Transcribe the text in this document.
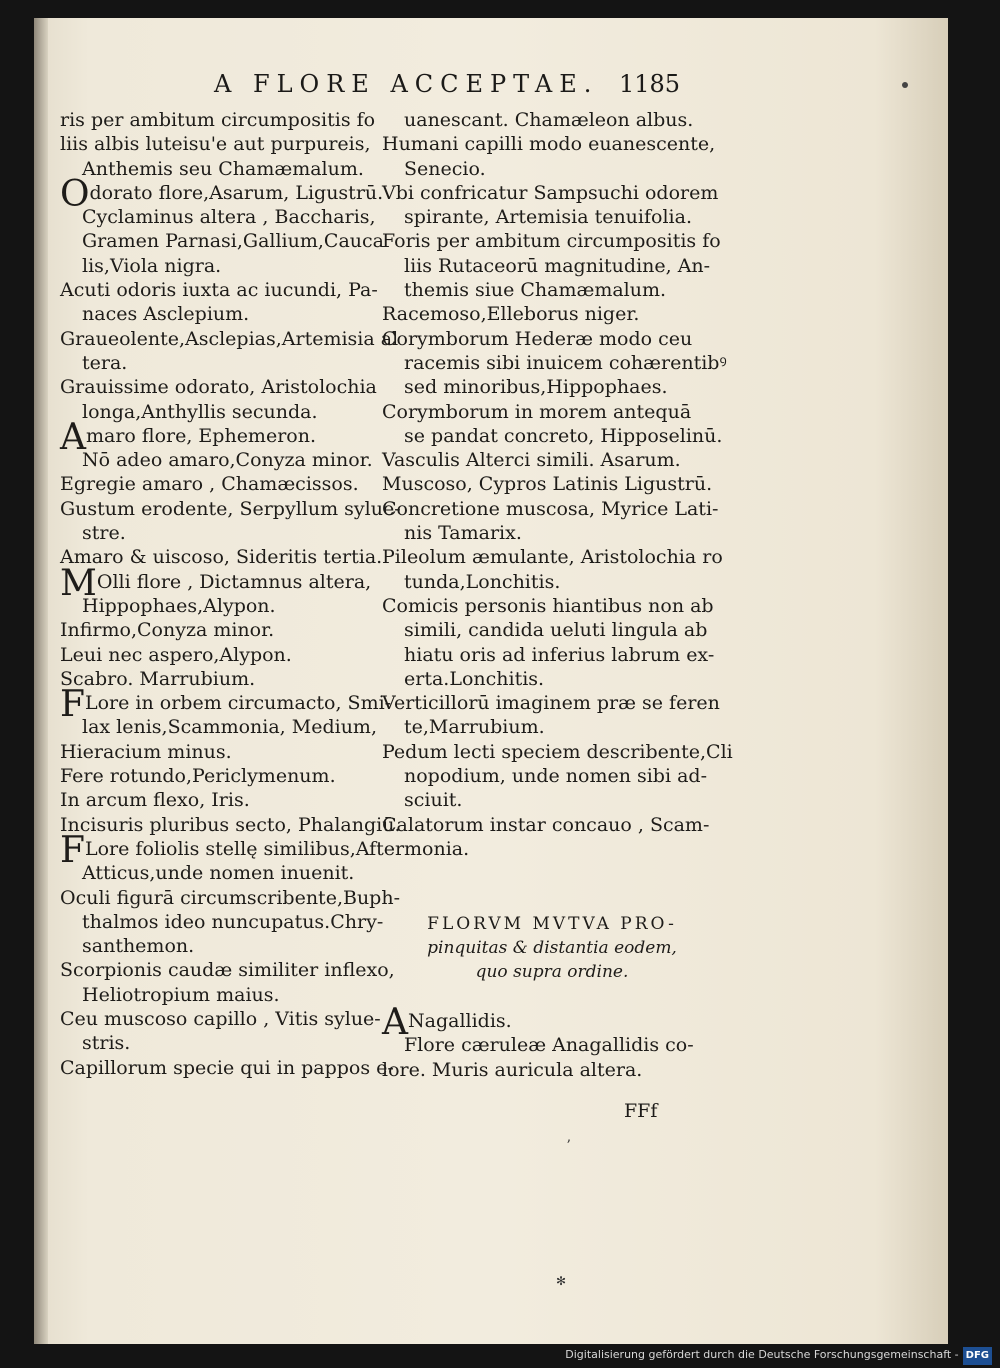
A FLORE ACCEPTAE. 1185
ris per ambitum circumpositis fo
liis albis luteisu'e aut purpureis,
Anthemis seu Chamæmalum.
Odorato flore,Asarum, Ligustrū.
Cyclaminus altera , Baccharis,
Gramen Parnasi,Gallium,Cauca
lis,Viola nigra.
Acuti odoris iuxta ac iucundi, Pa-
naces Asclepium.
Graueolente,Asclepias,Artemisia al
tera.
Grauissime odorato, Aristolochia
longa,Anthyllis secunda.
Amaro flore, Ephemeron.
Nō adeo amaro,Conyza minor.
Egregie amaro , Chamæcissos.
Gustum erodente, Serpyllum sylue-
stre.
Amaro & uiscoso, Sideritis tertia.
MOlli flore , Dictamnus altera,
Hippophaes,Alypon.
Infirmo,Conyza minor.
Leui nec aspero,Alypon.
Scabro. Marrubium.
FLore in orbem circumacto, Smi-
lax lenis,Scammonia, Medium,
Hieracium minus.
Fere rotundo,Periclymenum.
In arcum flexo, Iris.
Incisuris pluribus secto, Phalangiū.
FLore foliolis stellę similibus,After
Atticus,unde nomen inuenit.
Oculi figurā circumscribente,Buph-
thalmos ideo nuncupatus.Chry-
santhemon.
Scorpionis caudæ similiter inflexo,
Heliotropium maius.
Ceu muscoso capillo , Vitis sylue-
stris.
Capillorum specie qui in pappos e-
uanescant. Chamæleon albus.
Humani capilli modo euanescente,
Senecio.
Vbi confricatur Sampsuchi odorem
spirante, Artemisia tenuifolia.
Foris per ambitum circumpositis fo
liis Rutaceorū magnitudine, An-
themis siue Chamæmalum.
Racemoso,Elleborus niger.
Corymborum Hederæ modo ceu
racemis sibi inuicem cohærentibꝰ
sed minoribus,Hippophaes.
Corymborum in morem antequā
se pandat concreto, Hipposelinū.
Vasculis Alterci simili. Asarum.
Muscoso, Cypros Latinis Ligustrū.
Concretione muscosa, Myrice Lati-
nis Tamarix.
Pileolum æmulante, Aristolochia ro
tunda,Lonchitis.
Comicis personis hiantibus non ab
simili, candida ueluti lingula ab
hiatu oris ad inferius labrum ex-
erta.Lonchitis.
Verticillorū imaginem præ se feren
te,Marrubium.
Pedum lecti speciem describente,Cli
nopodium, unde nomen sibi ad-
sciuit.
Calatorum instar concauo , Scam-
monia.
FLORVM MVTVA PRO-
pinquitas & distantia eodem,
quo supra ordine.
ANagallidis.
Flore cæruleæ Anagallidis co-
lore. Muris auricula altera.
FFf
ʼ
✻
Digitalisierung gefördert durch die Deutsche Forschungsgemeinschaft - DFG
